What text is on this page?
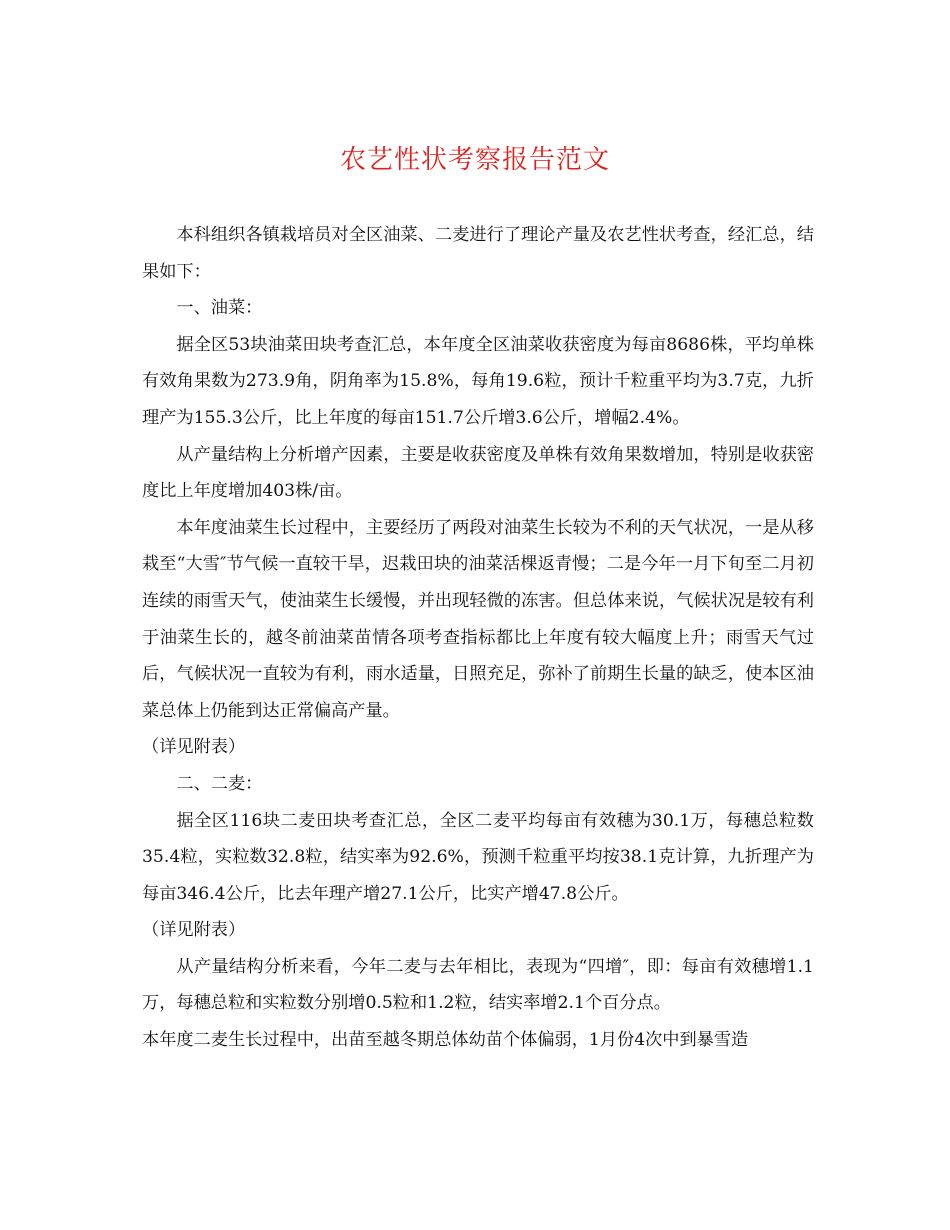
农艺性状考察报告范文

本科组织各镇栽培员对全区油菜、二麦进行了理论产量及农艺性状考查，经汇总，结果如下：

一、油菜：

据全区53块油菜田块考查汇总，本年度全区油菜收获密度为每亩8686株，平均单株有效角果数为273.9角，阴角率为15.8%，每角19.6粒，预计千粒重平均为3.7克，九折理产为155.3公斤，比上年度的每亩151.7公斤增3.6公斤，增幅2.4%。

从产量结构上分析增产因素，主要是收获密度及单株有效角果数增加，特别是收获密度比上年度增加403株/亩。

本年度油菜生长过程中，主要经历了两段对油菜生长较为不利的天气状况，一是从移栽至“大雪″节气候一直较干旱，迟栽田块的油菜活棵返青慢；二是今年一月下旬至二月初连续的雨雪天气，使油菜生长缓慢，并出现轻微的冻害。但总体来说，气候状况是较有利于油菜生长的，越冬前油菜苗情各项考查指标都比上年度有较大幅度上升；雨雪天气过后，气候状况一直较为有利，雨水适量，日照充足，弥补了前期生长量的缺乏，使本区油菜总体上仍能到达正常偏高产量。

（详见附表）

二、二麦：

据全区116块二麦田块考查汇总，全区二麦平均每亩有效穗为30.1万，每穗总粒数35.4粒，实粒数32.8粒，结实率为92.6%，预测千粒重平均按38.1克计算，九折理产为每亩346.4公斤，比去年理产增27.1公斤，比实产增47.8公斤。

（详见附表）

从产量结构分析来看，今年二麦与去年相比，表现为“四增″，即：每亩有效穗增1.1万，每穗总粒和实粒数分别增0.5粒和1.2粒，结实率增2.1个百分点。

本年度二麦生长过程中，出苗至越冬期总体幼苗个体偏弱，1月份4次中到暴雪造
